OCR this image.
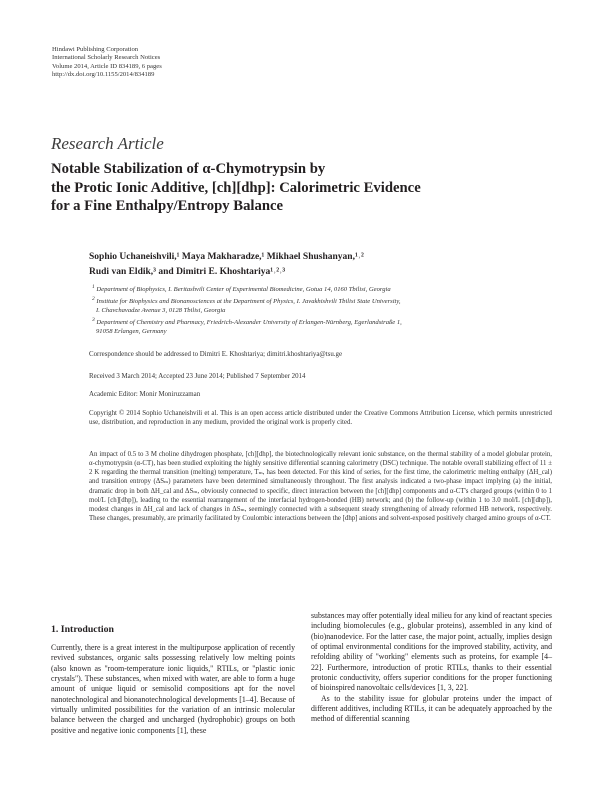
Hindawi Publishing Corporation
International Scholarly Research Notices
Volume 2014, Article ID 834189, 6 pages
http://dx.doi.org/10.1155/2014/834189
Research Article
Notable Stabilization of α-Chymotrypsin by
the Protic Ionic Additive, [ch][dhp]: Calorimetric Evidence
for a Fine Enthalpy/Entropy Balance
Sophio Uchaneishvili,¹ Maya Makharadze,¹ Mikhael Shushanyan,¹˒²
Rudi van Eldik,³ and Dimitri E. Khoshtariya¹˒²˒³
$^1$ Department of Biophysics, I. Beritashvili Center of Experimental Biomedicine, Gotua 14, 0160 Tbilisi, Georgia
$^2$ Institute for Biophysics and Bionanosciences at the Department of Physics, I. Javakhishvili Tbilisi State University,
I. Chavchavadze Avenue 3, 0128 Tbilisi, Georgia
$^3$ Department of Chemistry and Pharmacy, Friedrich-Alexander University of Erlangen-Nürnberg, Egerlandstraße 1,
91058 Erlangen, Germany
Correspondence should be addressed to Dimitri E. Khoshtariya; dimitri.khoshtariya@tsu.ge
Received 3 March 2014; Accepted 23 June 2014; Published 7 September 2014
Academic Editor: Monir Moniruzzaman
Copyright © 2014 Sophio Uchaneishvili et al. This is an open access article distributed under the Creative Commons Attribution License, which permits unrestricted use, distribution, and reproduction in any medium, provided the original work is properly cited.
An impact of 0.5 to 3 M choline dihydrogen phosphate, [ch][dhp], the biotechnologically relevant ionic substance, on the thermal stability of a model globular protein, α-chymotrypsin (α-CT), has been studied exploiting the highly sensitive differential scanning calorimetry (DSC) technique. The notable overall stabilizing effect of 11 ± 2 K regarding the thermal transition (melting) temperature, Tₘ, has been detected. For this kind of series, for the first time, the calorimetric melting enthalpy (ΔH_cal) and transition entropy (ΔSₘ) parameters have been determined simultaneously throughout. The first analysis indicated a two-phase impact implying (a) the initial, dramatic drop in both ΔH_cal and ΔSₘ, obviously connected to specific, direct interaction between the [ch][dhp] components and α-CT's charged groups (within 0 to 1 mol/L [ch][dhp]), leading to the essential rearrangement of the interfacial hydrogen-bonded (HB) network; and (b) the follow-up (within 1 to 3.0 mol/L [ch][dhp]), modest changes in ΔH_cal and lack of changes in ΔSₘ, seemingly connected with a subsequent steady strengthening of already reformed HB network, respectively. These changes, presumably, are primarily facilitated by Coulombic interactions between the [dhp] anions and solvent-exposed positively charged amino groups of α-CT.
1. Introduction

Currently, there is a great interest in the multipurpose application of recently revived substances, organic salts possessing relatively low melting points (also known as "room-temperature ionic liquids," RTILs, or "plastic ionic crystals"). These substances, when mixed with water, are able to form a huge amount of unique liquid or semisolid compositions apt for the novel nanotechnological and bionanotechnological developments [1–4]. Because of virtually unlimited possibilities for the variation of an intrinsic molecular balance between the charged and uncharged (hydrophobic) groups on both positive and negative ionic components [1], these

substances may offer potentially ideal milieu for any kind of reactant species including biomolecules (e.g., globular proteins), assembled in any kind of (bio)nanodevice. For the latter case, the major point, actually, implies design of optimal environmental conditions for the improved stability, activity, and refolding ability of "working" elements such as proteins, for example [4–22]. Furthermore, introduction of protic RTILs, thanks to their essential protonic conductivity, offers superior conditions for the proper functioning of bioinspired nanovoltaic cells/devices [1, 3, 22].

As to the stability issue for globular proteins under the impact of different additives, including RTILs, it can be adequately approached by the method of differential scanning
